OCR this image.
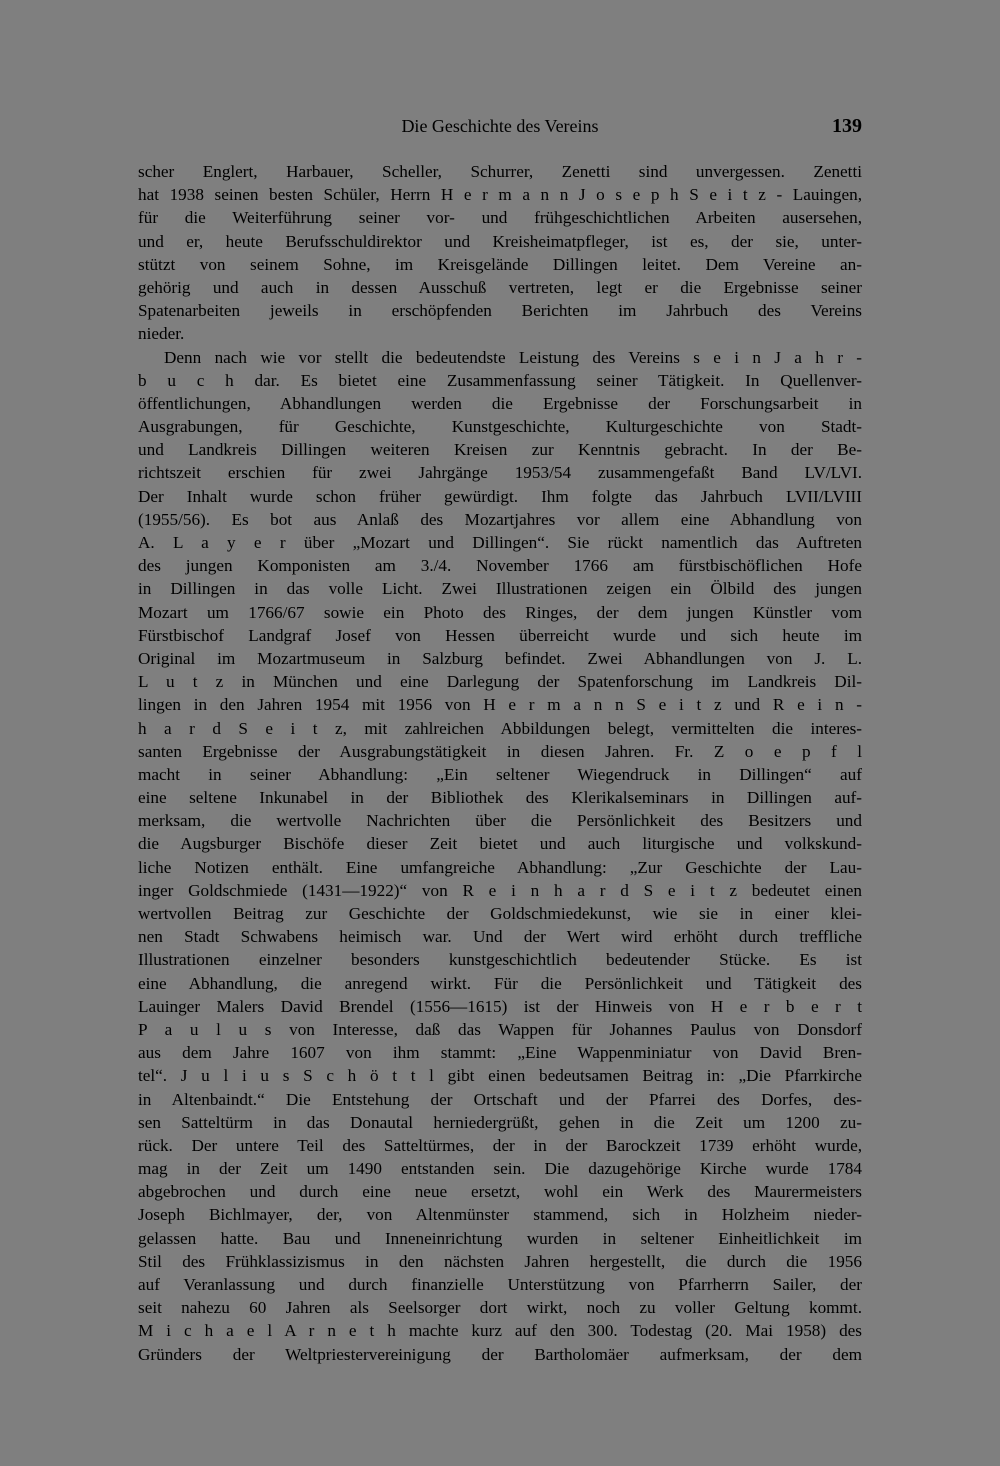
Die Geschichte des Vereins	139
scher Englert, Harbauer, Scheller, Schurrer, Zenetti sind unvergessen. Zenetti
hat 1938 seinen besten Schüler, Herrn H e r m a n n J o s e p h S e i t z - Lauingen,
für die Weiterführung seiner vor- und frühgeschichtlichen Arbeiten ausersehen,
und er, heute Berufsschuldirektor und Kreisheimatpfleger, ist es, der sie, unter-
stützt von seinem Sohne, im Kreisgelände Dillingen leitet. Dem Vereine an-
gehörig und auch in dessen Ausschuß vertreten, legt er die Ergebnisse seiner
Spatenarbeiten jeweils in erschöpfenden Berichten im Jahrbuch des Vereins
nieder.
Denn nach wie vor stellt die bedeutendste Leistung des Vereins s e i n J a h r -
b u c h dar. Es bietet eine Zusammenfassung seiner Tätigkeit. In Quellenver-
öffentlichungen, Abhandlungen werden die Ergebnisse der Forschungsarbeit in
Ausgrabungen, für Geschichte, Kunstgeschichte, Kulturgeschichte von Stadt-
und Landkreis Dillingen weiteren Kreisen zur Kenntnis gebracht. In der Be-
richtszeit erschien für zwei Jahrgänge 1953/54 zusammengefaßt Band LV/LVI.
Der Inhalt wurde schon früher gewürdigt. Ihm folgte das Jahrbuch LVII/LVIII
(1955/56). Es bot aus Anlaß des Mozartjahres vor allem eine Abhandlung von
A. L a y e r über „Mozart und Dillingen“. Sie rückt namentlich das Auftreten
des jungen Komponisten am 3./4. November 1766 am fürstbischöflichen Hofe
in Dillingen in das volle Licht. Zwei Illustrationen zeigen ein Ölbild des jungen
Mozart um 1766/67 sowie ein Photo des Ringes, der dem jungen Künstler vom
Fürstbischof Landgraf Josef von Hessen überreicht wurde und sich heute im
Original im Mozartmuseum in Salzburg befindet. Zwei Abhandlungen von J. L.
L u t z in München und eine Darlegung der Spatenforschung im Landkreis Dil-
lingen in den Jahren 1954 mit 1956 von H e r m a n n S e i t z und R e i n -
h a r d S e i t z, mit zahlreichen Abbildungen belegt, vermittelten die interes-
santen Ergebnisse der Ausgrabungstätigkeit in diesen Jahren. Fr. Z o e p f l
macht in seiner Abhandlung: „Ein seltener Wiegendruck in Dillingen“ auf
eine seltene Inkunabel in der Bibliothek des Klerikalseminars in Dillingen auf-
merksam, die wertvolle Nachrichten über die Persönlichkeit des Besitzers und
die Augsburger Bischöfe dieser Zeit bietet und auch liturgische und volkskund-
liche Notizen enthält. Eine umfangreiche Abhandlung: „Zur Geschichte der Lau-
inger Goldschmiede (1431—1922)“ von R e i n h a r d S e i t z bedeutet einen
wertvollen Beitrag zur Geschichte der Goldschmiedekunst, wie sie in einer klei-
nen Stadt Schwabens heimisch war. Und der Wert wird erhöht durch treffliche
Illustrationen einzelner besonders kunstgeschichtlich bedeutender Stücke. Es ist
eine Abhandlung, die anregend wirkt. Für die Persönlichkeit und Tätigkeit des
Lauinger Malers David Brendel (1556—1615) ist der Hinweis von H e r b e r t
P a u l u s von Interesse, daß das Wappen für Johannes Paulus von Donsdorf
aus dem Jahre 1607 von ihm stammt: „Eine Wappenminiatur von David Bren-
tel“. J u l i u s S c h ö t t l gibt einen bedeutsamen Beitrag in: „Die Pfarrkirche
in Altenbaindt.“ Die Entstehung der Ortschaft und der Pfarrei des Dorfes, des-
sen Satteltürm in das Donautal herniedergrüßt, gehen in die Zeit um 1200 zu-
rück. Der untere Teil des Satteltürmes, der in der Barockzeit 1739 erhöht wurde,
mag in der Zeit um 1490 entstanden sein. Die dazugehörige Kirche wurde 1784
abgebrochen und durch eine neue ersetzt, wohl ein Werk des Maurermeisters
Joseph Bichlmayer, der, von Altenmünster stammend, sich in Holzheim nieder-
gelassen hatte. Bau und Inneneinrichtung wurden in seltener Einheitlichkeit im
Stil des Frühklassizismus in den nächsten Jahren hergestellt, die durch die 1956
auf Veranlassung und durch finanzielle Unterstützung von Pfarrherrn Sailer, der
seit nahezu 60 Jahren als Seelsorger dort wirkt, noch zu voller Geltung kommt.
M i c h a e l A r n e t h machte kurz auf den 300. Todestag (20. Mai 1958) des
Gründers der Weltpriestervereinigung der Bartholomäer aufmerksam, der dem
